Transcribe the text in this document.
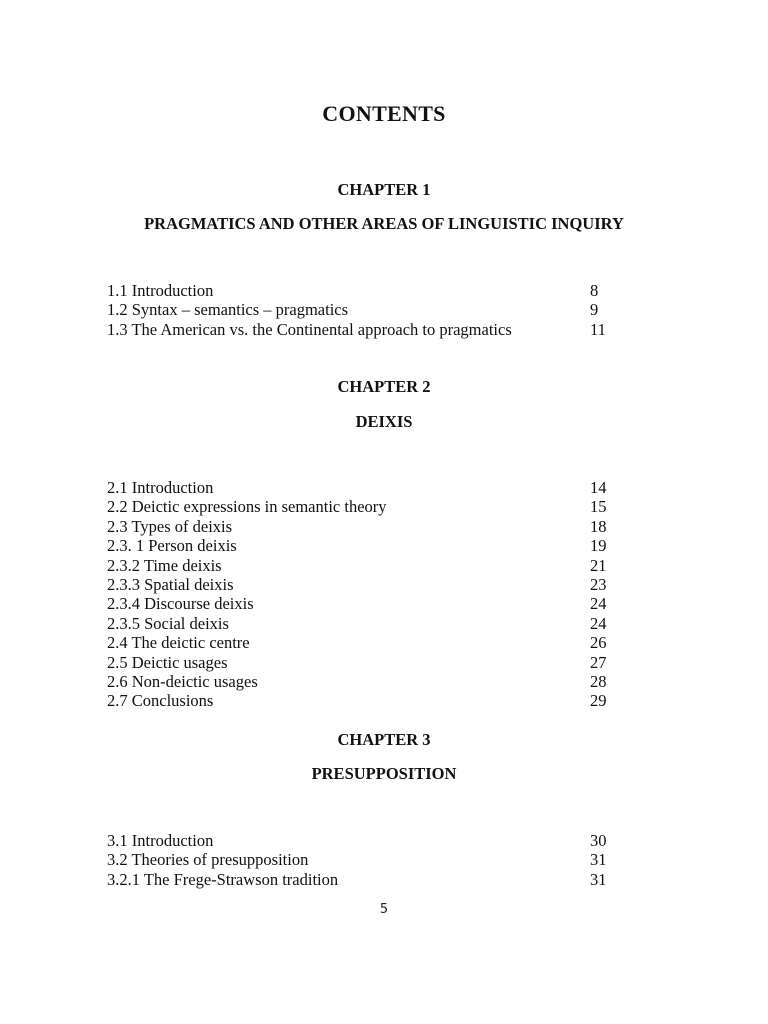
CONTENTS
CHAPTER 1
PRAGMATICS AND OTHER AREAS OF LINGUISTIC INQUIRY
1.1 Introduction	8
1.2 Syntax – semantics – pragmatics	9
1.3 The American vs. the Continental approach to pragmatics	11
CHAPTER 2
DEIXIS
2.1 Introduction	14
2.2 Deictic expressions in semantic theory	15
2.3 Types of deixis	18
2.3. 1 Person deixis	19
2.3.2 Time deixis	21
2.3.3 Spatial deixis	23
2.3.4 Discourse deixis	24
2.3.5 Social deixis	24
2.4 The deictic centre	26
2.5 Deictic usages	27
2.6 Non-deictic usages	28
2.7 Conclusions	29
CHAPTER 3
PRESUPPOSITION
3.1 Introduction	30
3.2 Theories of presupposition	31
3.2.1 The Frege-Strawson tradition	31
5
